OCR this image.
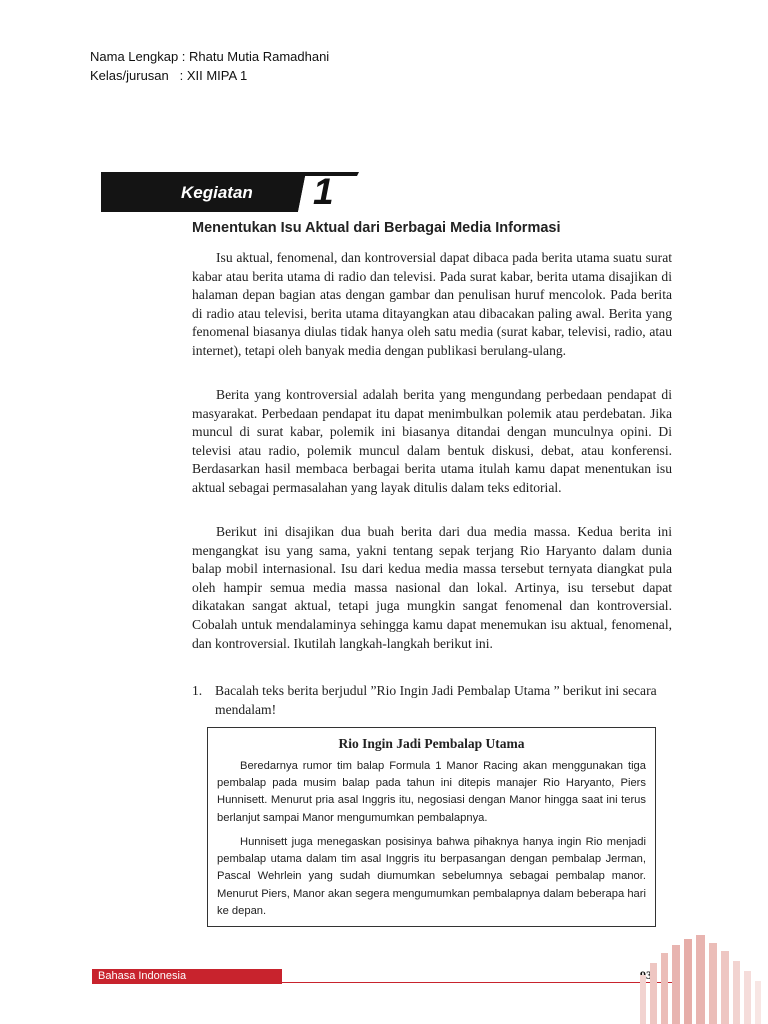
Nama Lengkap : Rhatu Mutia Ramadhani
Kelas/jurusan   : XII MIPA 1
Kegiatan 1
Menentukan Isu Aktual dari Berbagai Media Informasi

Isu aktual, fenomenal, dan kontroversial dapat dibaca pada berita utama suatu surat kabar atau berita utama di radio dan televisi. Pada surat kabar, berita utama disajikan di halaman depan bagian atas dengan gambar dan penulisan huruf mencolok. Pada berita di radio atau televisi, berita utama ditayangkan atau dibacakan paling awal. Berita yang fenomenal biasanya diulas tidak hanya oleh satu media (surat kabar, televisi, radio, atau internet), tetapi oleh banyak media dengan publikasi berulang-ulang.

Berita yang kontroversial adalah berita yang mengundang perbedaan pendapat di masyarakat. Perbedaan pendapat itu dapat menimbulkan polemik atau perdebatan. Jika muncul di surat kabar, polemik ini biasanya ditandai dengan munculnya opini. Di televisi atau radio, polemik muncul dalam bentuk diskusi, debat, atau konferensi. Berdasarkan hasil membaca berbagai berita utama itulah kamu dapat menentukan isu aktual sebagai permasalahan yang layak ditulis dalam teks editorial.

Berikut ini disajikan dua buah berita dari dua media massa. Kedua berita ini mengangkat isu yang sama, yakni tentang sepak terjang Rio Haryanto dalam dunia balap mobil internasional. Isu dari kedua media massa tersebut ternyata diangkat pula oleh hampir semua media massa nasional dan lokal. Artinya, isu tersebut dapat dikatakan sangat aktual, tetapi juga mungkin sangat fenomenal dan kontroversial. Cobalah untuk mendalaminya sehingga kamu dapat menemukan isu aktual, fenomenal, dan kontroversial. Ikutilah langkah-langkah berikut ini.

1. Bacalah teks berita berjudul ”Rio Ingin Jadi Pembalap Utama ” berikut ini secara mendalam!
Rio Ingin Jadi Pembalap Utama

Beredarnya rumor tim balap Formula 1 Manor Racing akan menggunakan tiga pembalap pada musim balap pada tahun ini ditepis manajer Rio Haryanto, Piers Hunnisett. Menurut pria asal Inggris itu, negosiasi dengan Manor hingga saat ini terus berlanjut sampai Manor mengumumkan pembalapnya.

Hunnisett juga menegaskan posisinya bahwa pihaknya hanya ingin Rio menjadi pembalap utama dalam tim asal Inggris itu berpasangan dengan pembalap Jerman, Pascal Wehrlein yang sudah diumumkan sebelumnya sebagai pembalap manor. Menurut Piers, Manor akan segera mengumumkan pembalapnya dalam beberapa hari ke depan.

Bahasa Indonesia
